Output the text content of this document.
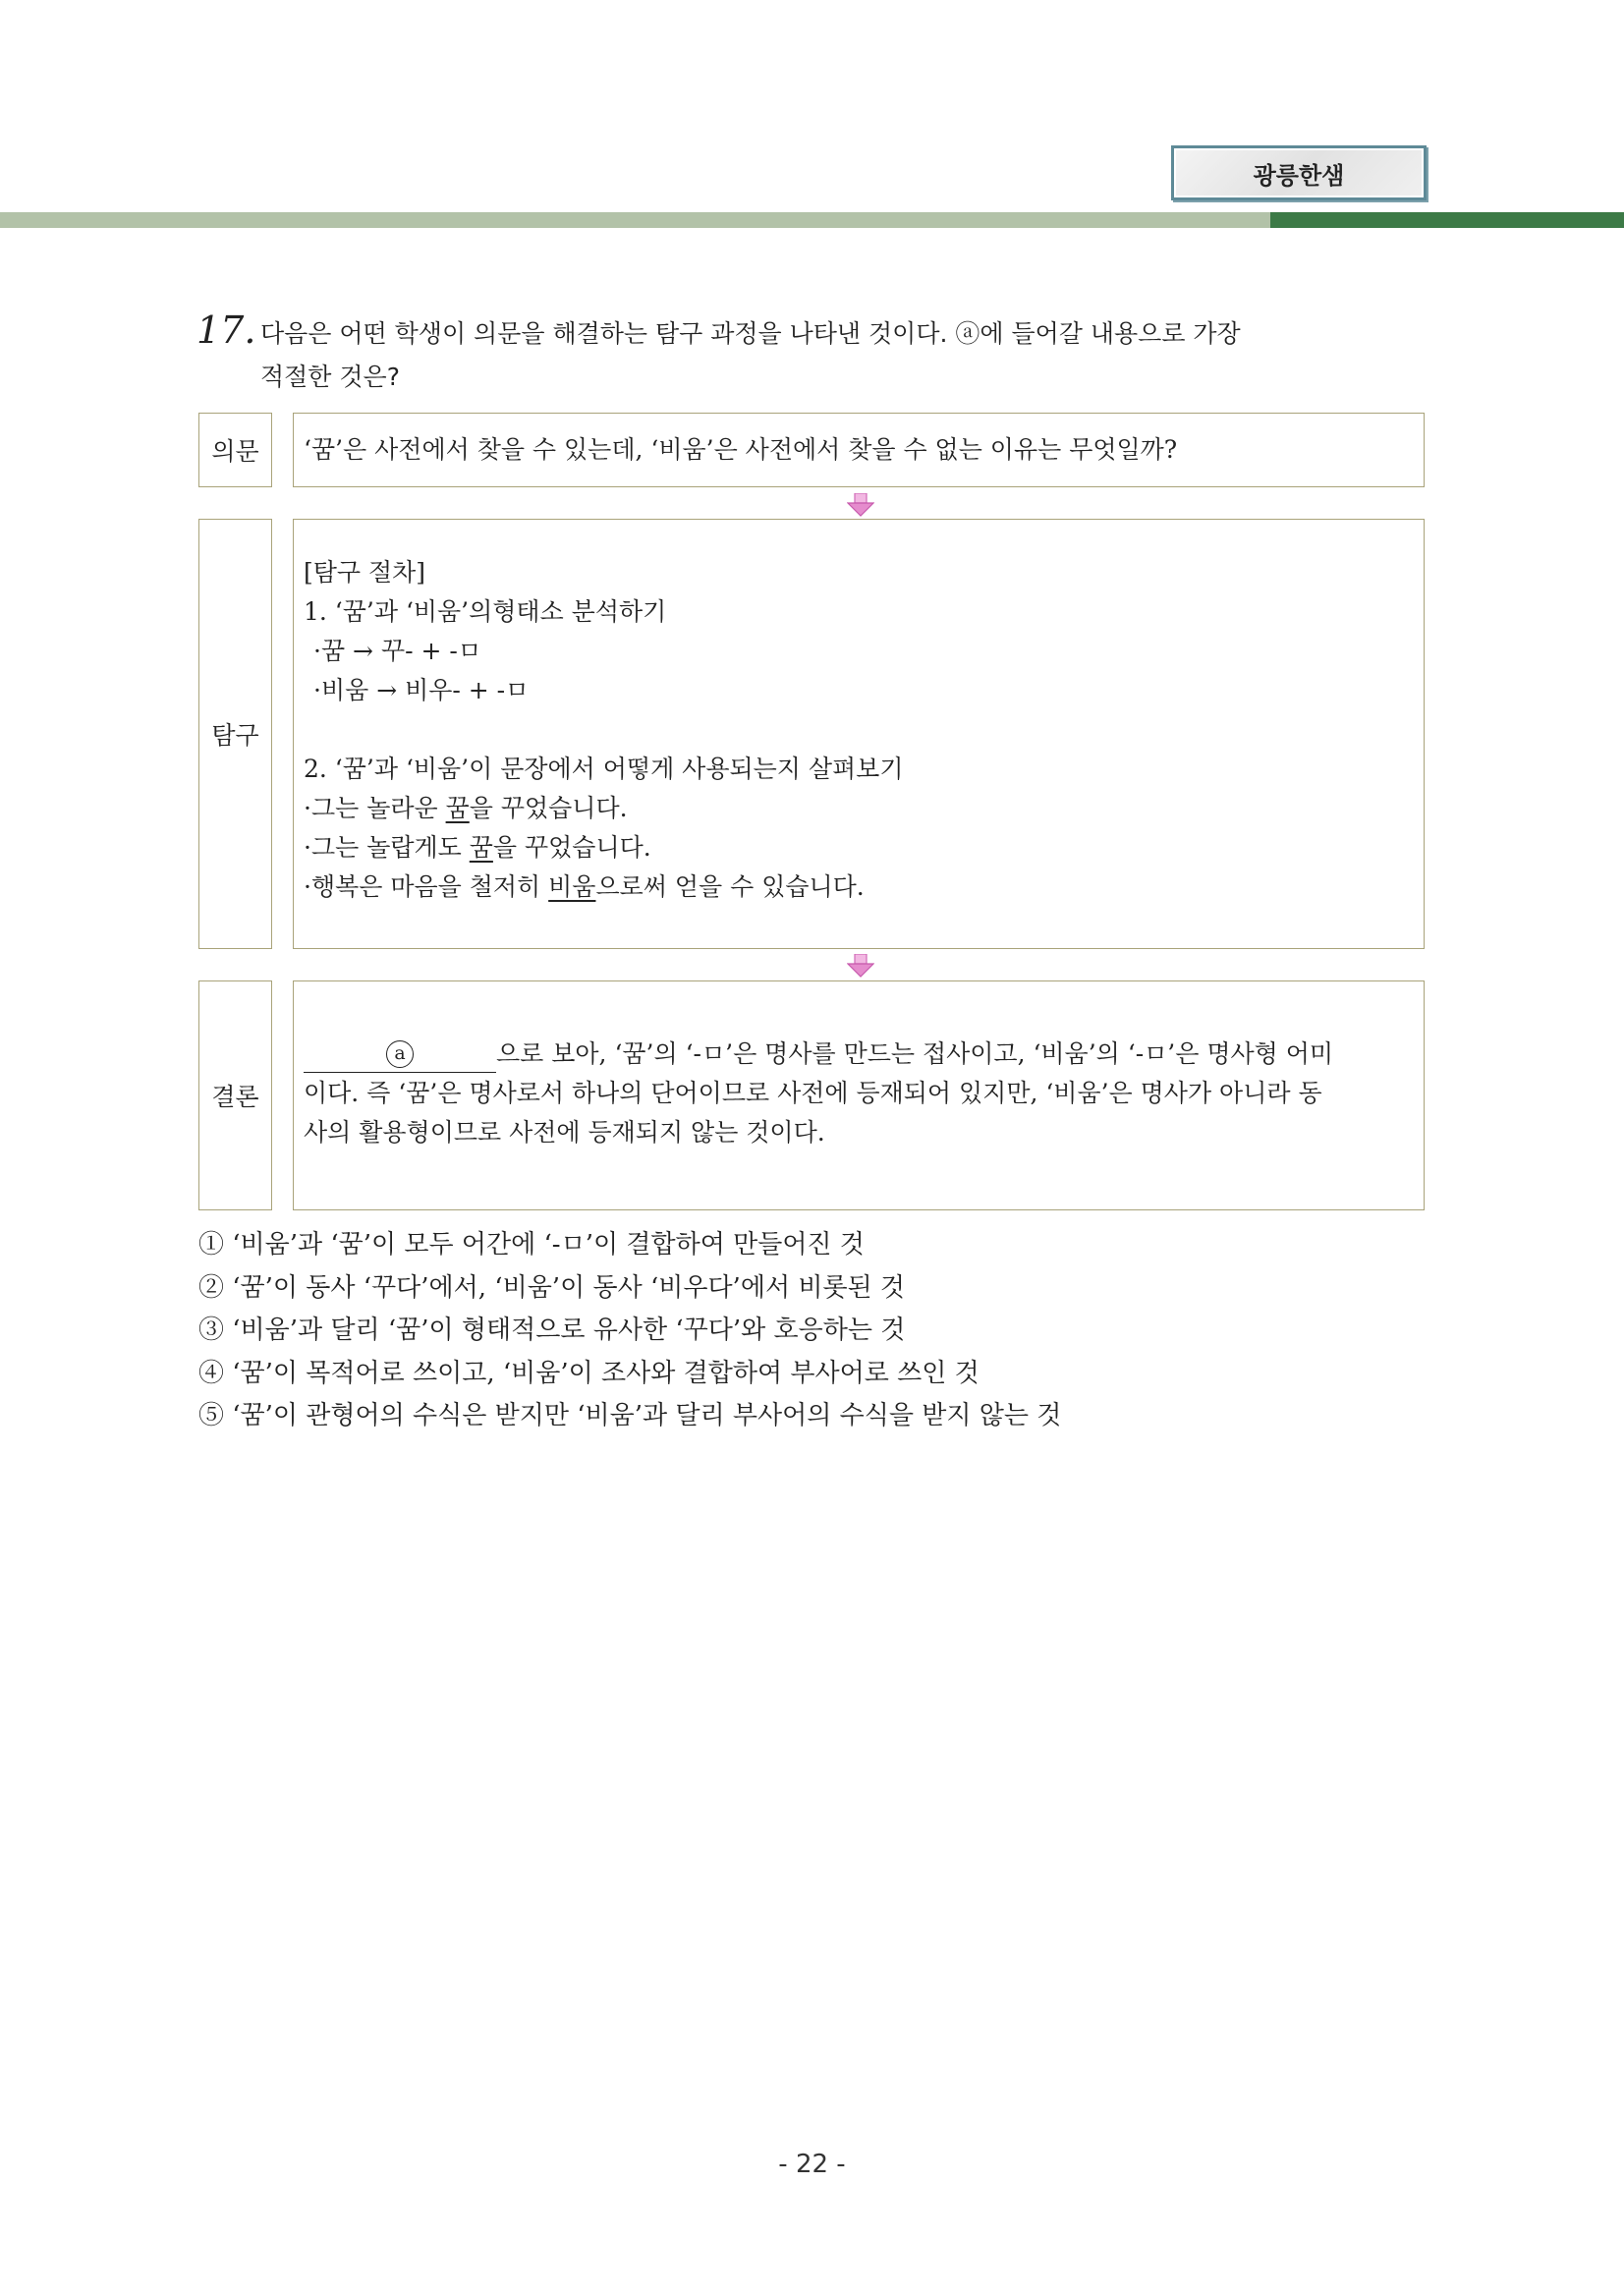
광릉한샘
17. 다음은 어떤 학생이 의문을 해결하는 탐구 과정을 나타낸 것이다. ⓐ에 들어갈 내용으로 가장
적절한 것은?
의문 ‘꿈’은 사전에서 찾을 수 있는데, ‘비움’은 사전에서 찾을 수 없는 이유는 무엇일까?
탐구
[탐구 절차]
1. ‘꿈’과 ‘비움’의형태소 분석하기
·꿈 → 꾸- + -ㅁ
·비움 → 비우- + -ㅁ
2. ‘꿈’과 ‘비움’이 문장에서 어떻게 사용되는지 살펴보기
·그는 놀라운 꿈을 꾸었습니다.
·그는 놀랍게도 꿈을 꾸었습니다.
·행복은 마음을 철저히 비움으로써 얻을 수 있습니다.
결론
a	으로 보아, ‘꿈’의 ‘-ㅁ’은 명사를 만드는 접사이고, ‘비움’의 ‘-ㅁ’은 명사형 어미
이다. 즉 ‘꿈’은 명사로서 하나의 단어이므로 사전에 등재되어 있지만, ‘비움’은 명사가 아니라 동
사의 활용형이므로 사전에 등재되지 않는 것이다.
① ‘비움’과 ‘꿈’이 모두 어간에 ‘-ㅁ’이 결합하여 만들어진 것
② ‘꿈’이 동사 ‘꾸다’에서, ‘비움’이 동사 ‘비우다’에서 비롯된 것
③ ‘비움’과 달리 ‘꿈’이 형태적으로 유사한 ‘꾸다’와 호응하는 것
④ ‘꿈’이 목적어로 쓰이고, ‘비움’이 조사와 결합하여 부사어로 쓰인 것
⑤ ‘꿈’이 관형어의 수식은 받지만 ‘비움’과 달리 부사어의 수식을 받지 않는 것
- 22 -
